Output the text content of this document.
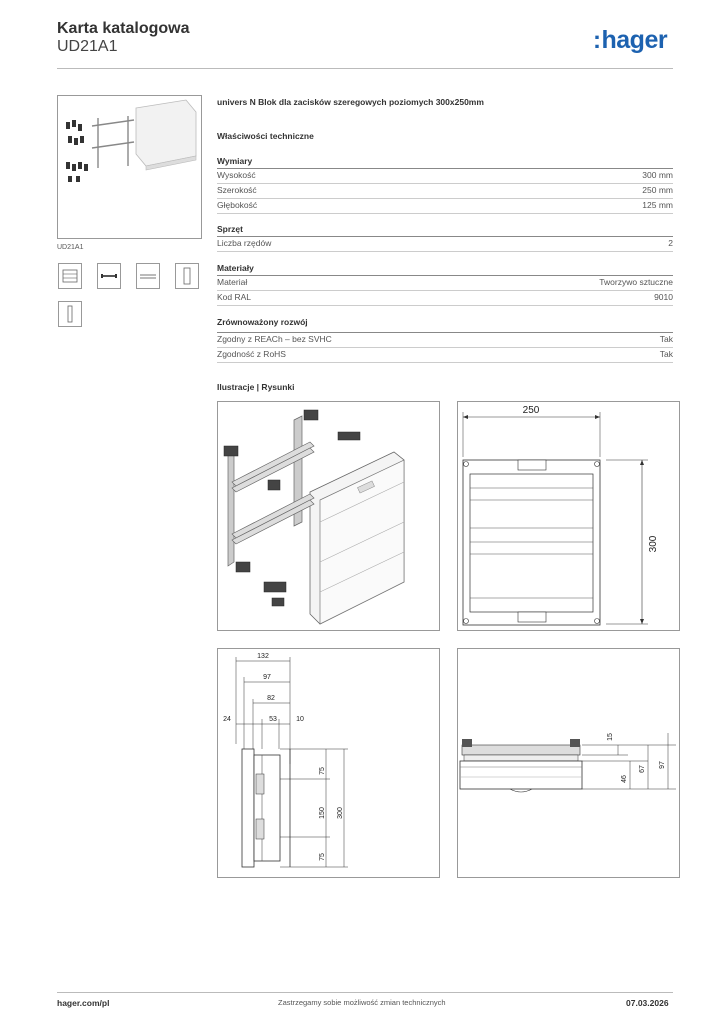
Karta katalogowa
UD21A1	:hager
UD21A1
univers N Blok dla zacisków szeregowych poziomych 300x250mm
Właściwości techniczne
Wymiary
Wysokość	300 mm
Szerokość	250 mm
Głębokość	125 mm
Sprzęt
Liczba rzędów	2
Materiały
Materiał	Tworzywo sztuczne
Kod RAL	9010
Zrównoważony rozwój
Zgodny z REACh – bez SVHC	Tak
Zgodność z RoHS	Tak
Ilustracje | Rysunki
250
300
132
97
82
24	53	10
75
150
75
300
15
46
67
97
hager.com/pl	Zastrzegamy sobie możliwość zmian technicznych	07.03.2026
